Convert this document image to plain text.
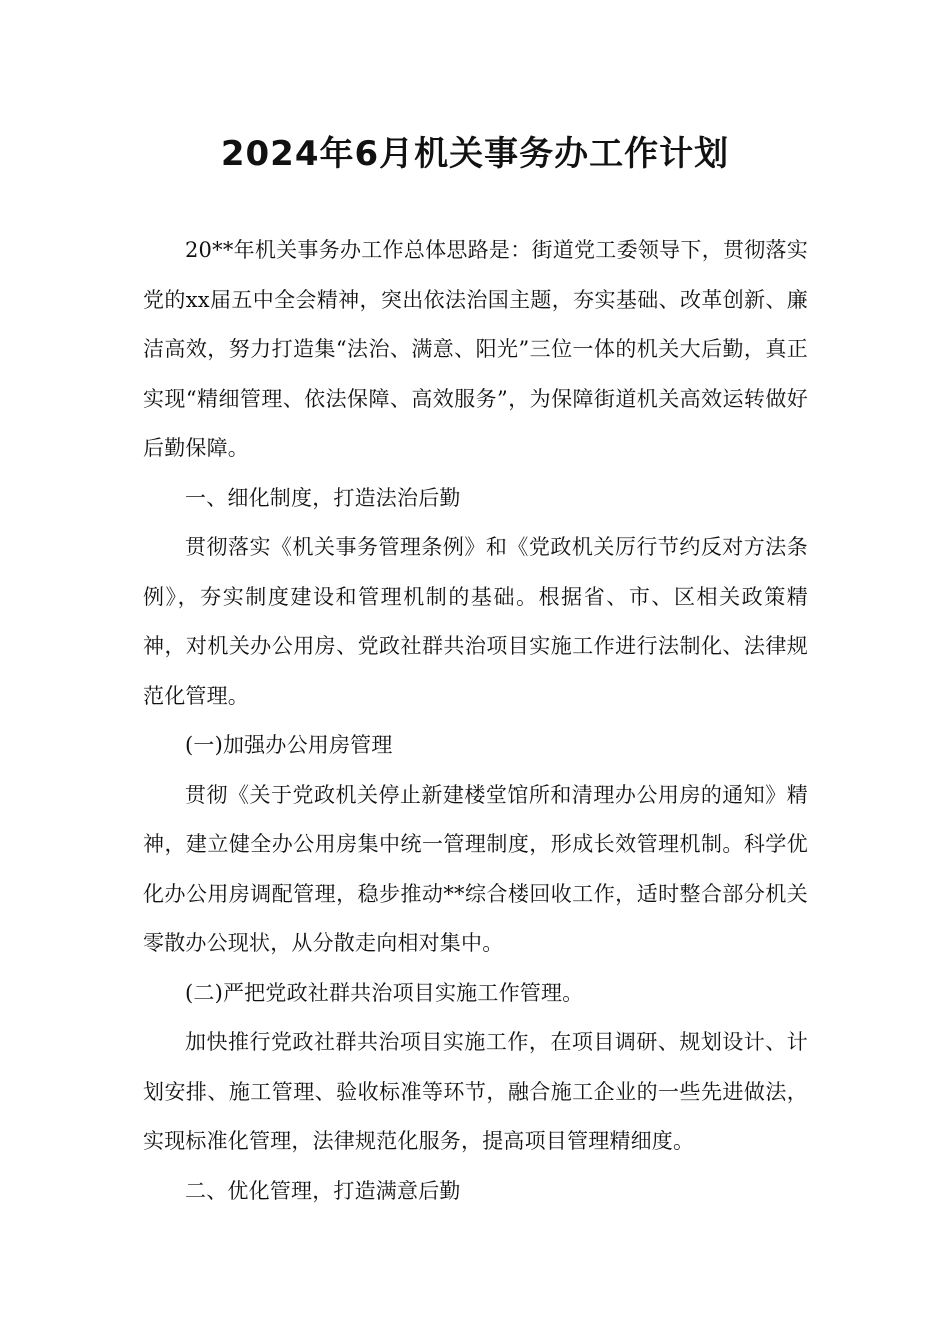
2024年6月机关事务办工作计划

20**年机关事务办工作总体思路是：街道党工委领导下，贯彻落实党的xx届五中全会精神，突出依法治国主题，夯实基础、改革创新、廉洁高效，努力打造集“法治、满意、阳光”三位一体的机关大后勤，真正实现“精细管理、依法保障、高效服务”，为保障街道机关高效运转做好后勤保障。

一、细化制度，打造法治后勤

贯彻落实《机关事务管理条例》和《党政机关厉行节约反对方法条例》，夯实制度建设和管理机制的基础。根据省、市、区相关政策精神，对机关办公用房、党政社群共治项目实施工作进行法制化、法律规范化管理。

(一)加强办公用房管理

贯彻《关于党政机关停止新建楼堂馆所和清理办公用房的通知》精神，建立健全办公用房集中统一管理制度，形成长效管理机制。科学优化办公用房调配管理，稳步推动**综合楼回收工作，适时整合部分机关零散办公现状，从分散走向相对集中。

(二)严把党政社群共治项目实施工作管理。

加快推行党政社群共治项目实施工作，在项目调研、规划设计、计划安排、施工管理、验收标准等环节，融合施工企业的一些先进做法，实现标准化管理，法律规范化服务，提高项目管理精细度。

二、优化管理，打造满意后勤
